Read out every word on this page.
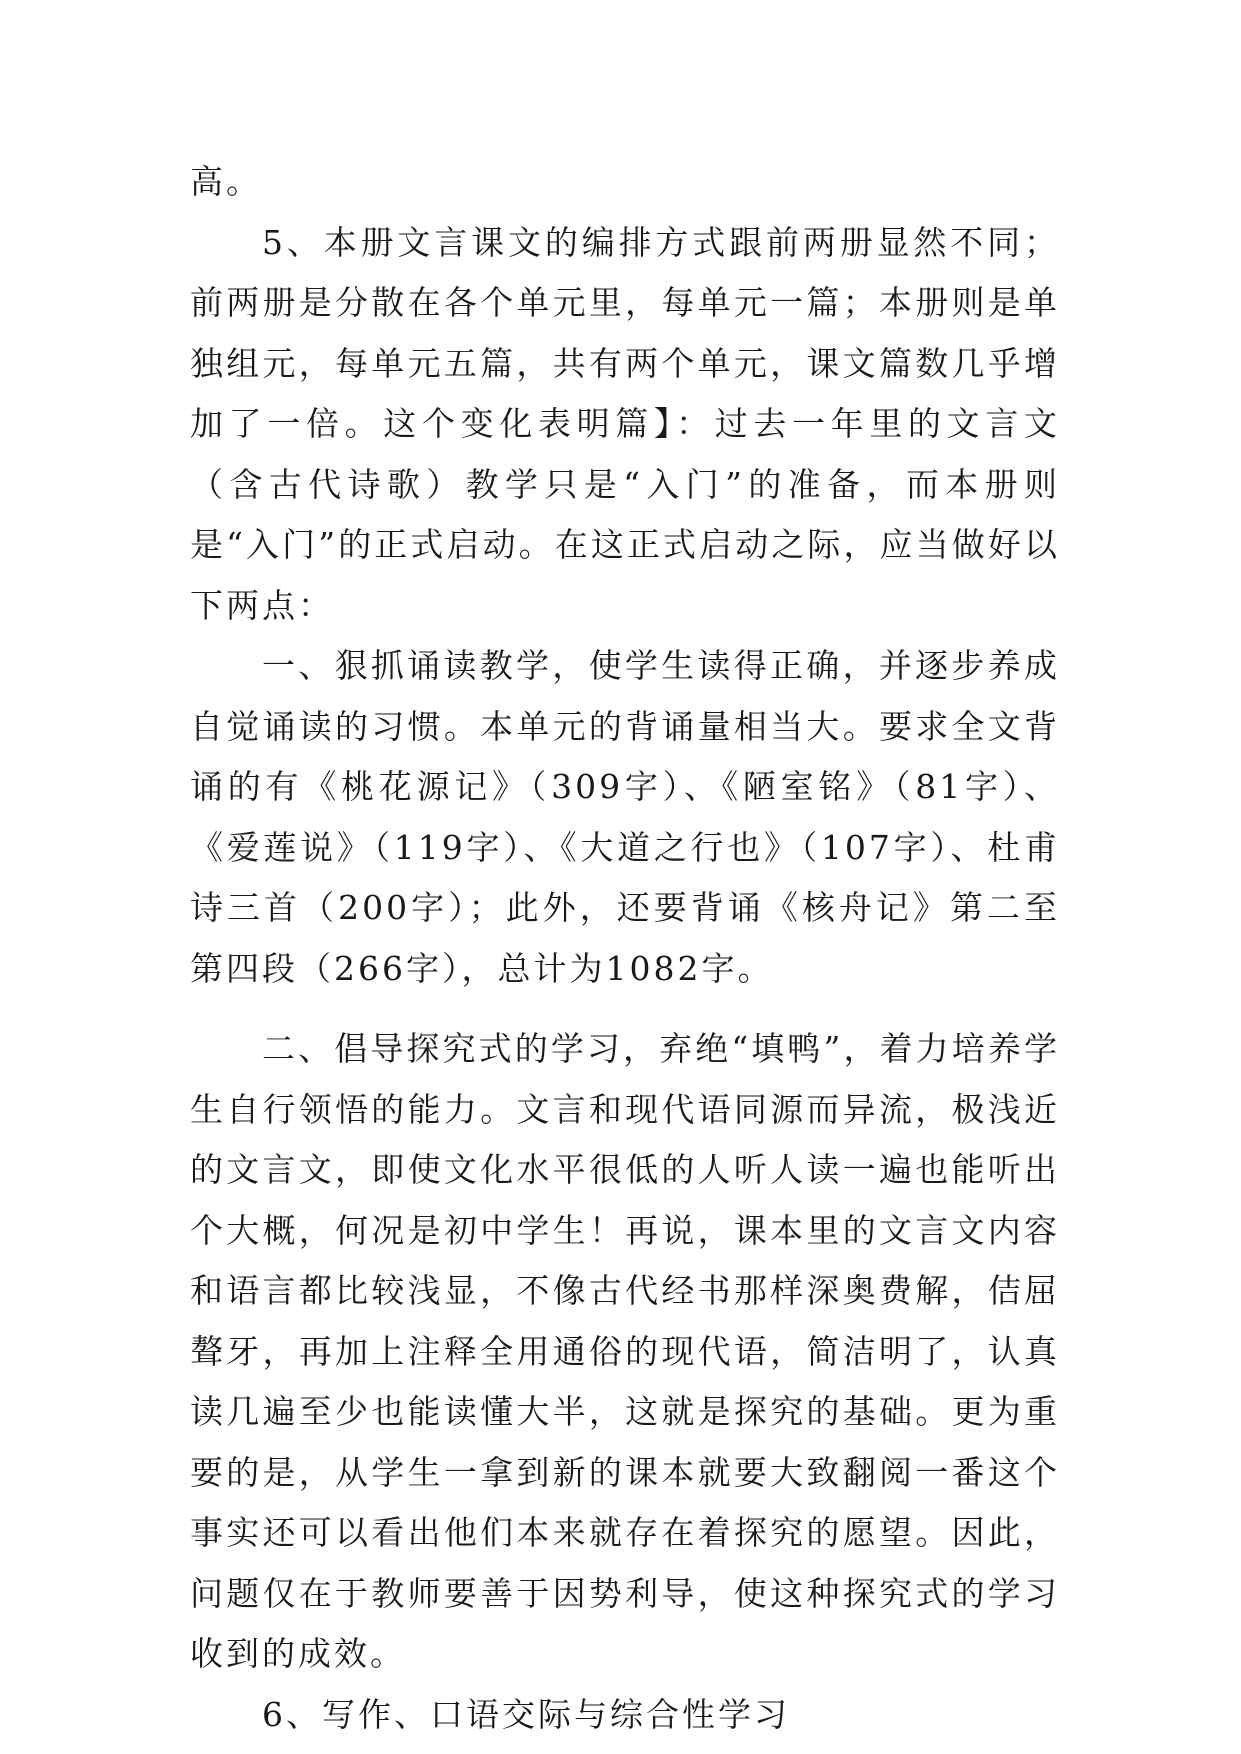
高。

5、本册文言课文的编排方式跟前两册显然不同；前两册是分散在各个单元里，每单元一篇；本册则是单独组元，每单元五篇，共有两个单元，课文篇数几乎增加了一倍。这个变化表明篇】：过去一年里的文言文（含古代诗歌）教学只是“入门”的准备，而本册则是“入门”的正式启动。在这正式启动之际，应当做好以下两点：

一、狠抓诵读教学，使学生读得正确，并逐步养成自觉诵读的习惯。本单元的背诵量相当大。要求全文背诵的有《桃花源记》（309字）、《陋室铭》（81字）、《爱莲说》（119字）、《大道之行也》（107字）、杜甫诗三首（200字）；此外，还要背诵《核舟记》第二至第四段（266字），总计为1082字。

二、倡导探究式的学习，弃绝“填鸭”，着力培养学生自行领悟的能力。文言和现代语同源而异流，极浅近的文言文，即使文化水平很低的人听人读一遍也能听出个大概，何况是初中学生！再说，课本里的文言文内容和语言都比较浅显，不像古代经书那样深奥费解，佶屈聱牙，再加上注释全用通俗的现代语，简洁明了，认真读几遍至少也能读懂大半，这就是探究的基础。更为重要的是，从学生一拿到新的课本就要大致翻阅一番这个事实还可以看出他们本来就存在着探究的愿望。因此，问题仅在于教师要善于因势利导，使这种探究式的学习收到的成效。

6、写作、口语交际与综合性学习
